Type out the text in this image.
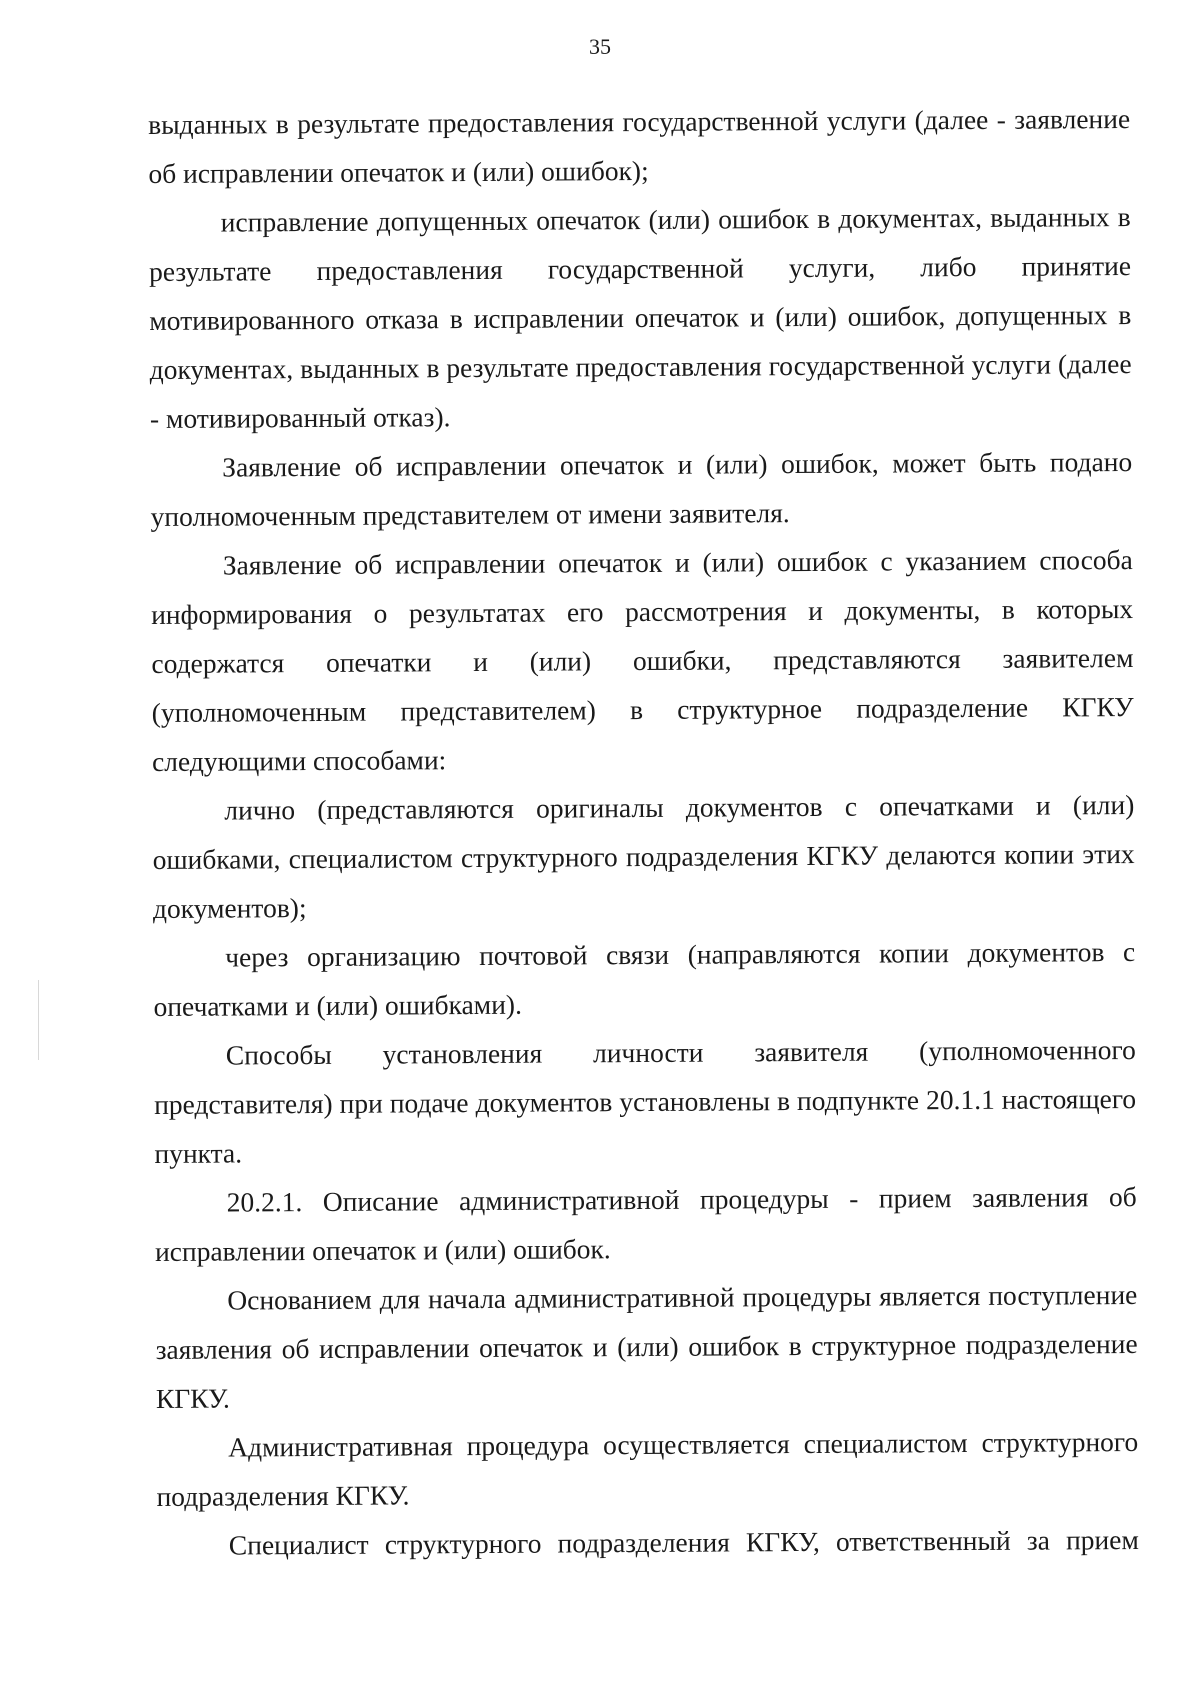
35

выданных в результате предоставления государственной услуги (далее - заявление об исправлении опечаток и (или) ошибок);

исправление допущенных опечаток (или) ошибок в документах, выданных в результате предоставления государственной услуги, либо принятие мотивированного отказа в исправлении опечаток и (или) ошибок, допущенных в документах, выданных в результате предоставления государственной услуги (далее - мотивированный отказ).

Заявление об исправлении опечаток и (или) ошибок, может быть подано уполномоченным представителем от имени заявителя.

Заявление об исправлении опечаток и (или) ошибок с указанием способа информирования о результатах его рассмотрения и документы, в которых содержатся опечатки и (или) ошибки, представляются заявителем (уполномоченным представителем) в структурное подразделение КГКУ следующими способами:

лично (представляются оригиналы документов с опечатками и (или) ошибками, специалистом структурного подразделения КГКУ делаются копии этих документов);

через организацию почтовой связи (направляются копии документов с опечатками и (или) ошибками).

Способы установления личности заявителя (уполномоченного представителя) при подаче документов установлены в подпункте 20.1.1 настоящего пункта.

20.2.1. Описание административной процедуры - прием заявления об исправлении опечаток и (или) ошибок.

Основанием для начала административной процедуры является поступление заявления об исправлении опечаток и (или) ошибок в структурное подразделение КГКУ.

Административная процедура осуществляется специалистом структурного подразделения КГКУ.

Специалист структурного подразделения КГКУ, ответственный за прием
